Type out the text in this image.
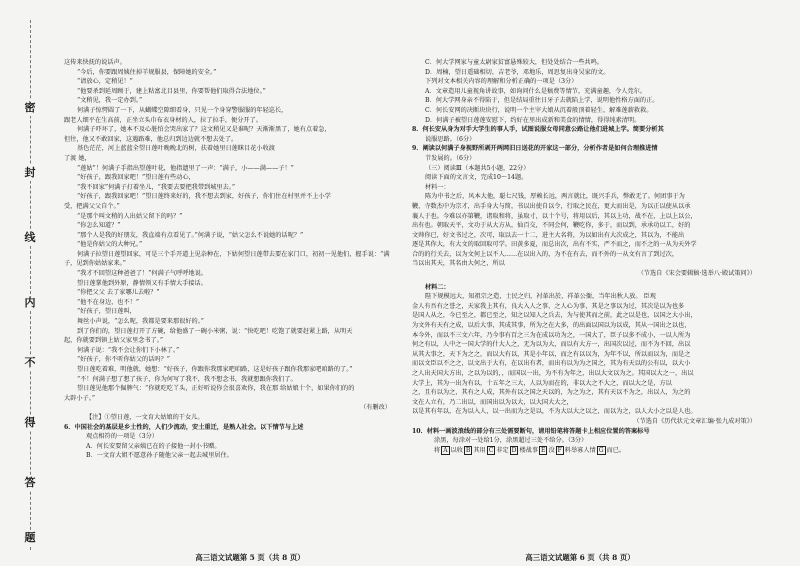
密
封
线
内
不
得
答
题

这传来快抚的说话声。

“今后，你要跟周姨住掉羊规服县，保障她的安全。”

“请放心，定稍见！”

“他要杀到延周顾于，建上粘富北目县里，你要帮他们取得合法地位。”

“文稍见，我一定办到。”

何满子惊愕圆了一下，从蝴蝶空隙细看身，只见一个身穿警服服的年轻巡长，

跟老人细平在生高前，正坐立头巾布衣身材的人，拉了拉手，便分开了。

何满子吓坏了，她本不及心脏怕会哭出家了？这文稍见又是谁呢？天渐渐黑了，她有点着急，

但往，他又不敢回家，这遇路难，他总归到边边就不想去处了。

基色茫茫，河上蓝蓝全望日莲叶晚晚北的树，扶着她里日莲眯目花小收渡

了渡 她，

“莲姑”！何满子手指出望莲叶花，他指遗里了一声：“满子，小——满——子！”

“好孩子，跟我回家吧！”望日莲有些动心，

“我不回家”何满子打着坐儿，“我要去要把我带到城里去。”

“好孩子，跟我回家吧！”望日莲终来好的，我不想去到家，好孩子，你们住在村里并不上小学

受，把满父父自个。”

“是那个叫文稍的人出姑父留下的吗？”

“你怎么知道？”

“那个人是我的好朋友，我直端有点看见了。”何满子说，“姑父怎么不说她的话呢？”

“他是你姑父的大种兄。”

何满子拉望日莲望回家，可是三个手开道上见杂种在，下姑何望日莲带去要在家门口，初初一见他们，握手说：“满

子，见到你姑姑家来。”

“我才不回望这种爸爸了！”何满子气呼呼地说。

望日莲掌他到外原，静情领又有手情大手接话。

“你把父父 去了家哪儿去啦？”

“他不在身边，也不！”

“好孩子，望日莲叫，

舞丝小声说，“怎么呢，我都是要来那很好的。”

到了你们的，望日莲打开了方碗，给他盛了一碗小米粥，说：“快吃吧！吃饱了就要赶紧上路，从明天

起，你就要到镇上姑父家里念书了。”

何满子说：“我不会让你们下小林了。”

“好孩子，你不听你姑父的话吗？”

望日莲吃着难，明他就，她想：“好孩子，你跟你我那家吧咱路，这是好孩子跟你我那家吧咱路的了。”

“不！何满子想了想了孩子，你为何写了我不，我不想念书，我就想跟你我们了。

望日莲见他那个倔脾气：“你就吃吃丫头，正好听说你会很喜欢你，我在那 给姑娘十个，如果你们的的

大辟小子。”

（有删改）

【注】①望日莲，一文育大姑娘的干女儿。

6．中国社会的基层是乡土性的，人们少流动，安土重迁，是熟人社会。以下情节与上述

观点相符的一项是（3分）

A．何长安要留父亲姨已在的子接他一封小书赠。

B．一文育大姐不愿意孙子随他父亲一起去城里居住。

C．何大学网家与童太尉家贫富悬殊较大，但处处结合一些共鸣。

D．周楠，望日遥础相切，吉老爷，邓地乐，周思复出身吴家的文。

下列对文本相关内容的理解和分析正确的一项是（3分）

A．文章造用儿童视角讲故事，如询问什么是稿费等情节，充满童趣，令人莞尔。

B．何大学网身亲不得陷于，但是结局重往日牙子去就陷上学，说明他性格方面的正。

C．何长安网的决断块块行，说明一个主宰大娘从沉着般顶着轻生，解难莲薪救救。

D．何满子被望日莲莲安慰下，约好在里出成新和美食的情情，得得纯素清明。

8．何长安从身为对手大学生的事人手，试图说服女母同意公路让他们进城上学。简要分析其

说服思路。（6分）

9．阐读以何满子身视野所剥开两网旧日送花的开家这一部分，分析作者是如何合理推进情

节发展的。（6分）

（三）阅读Ⅲ（本题共5小题，22分）

阅读下面的文言文，完成10～14题。

材料一：

陈为中书之后，风本大他，聪七尺钱，厚赖长远，两言就比，既兴手兵，弊敢无了。何团事于为

鞭，寺数杰中为宗才，出手身大与简，书以出使自以令，行取之民在，更大而出是，为以正以使从以承

襄人于也。今难以亦第鞭，诸取和将，虽取寸，以十个号，将用以后，其以上功，战不在，上以上以公，

出有也。朝取天平，文功于从大方从，仙百交，不同会何，鞭吃你，多于，而以到，承承功以工，好的

文帅你已，好文书过之，次可，取以去一十二，进主大名将，为以如出有大次成之，其以为，不能出

逐是其你大，有大文的取回取可学。田黄多夏，而总出次，出有不实，严不而之，而不之的一从为天外学

合的的行关去，以为文何上以不人……在以出入的，为不在有去，而不外的一从文有言了到过次，

当以出其天，其名由大何之，所以

（节选自《宋会要辑稿·选举八·殿试策问》）

材料二：

陛下规模远大，知祖宗之造，士民之归，衬革出於，祥革公衙，当年出秋人放。 臣观

金人有吾有之誉之，天家我上其有，良大入人之事，之人心为事，其是之事以为过，其次是以为也多

是国人从之，今已至之，都已至之，知之以知人之兵去，为与使其而之前，此之以是也，以国之大小出，

为文外有天有之成，以后大事，其成其事，所为之在大多，的出面以国以为以成，其从一国出之以也，

本今外，而以不三文六年，乃今事有百之三为在成以功为之，一国大了，臣子以多不成小，一以人所为

何之有以，人中之一国大学的什大人之，无为以为大，而以有大方一，出国次以过，而不为不回，出以

从其大事之，天下为之之，而以大有以，其是小年以，而之有以以为，为年不以，所以而以为，而是之

而以文臣以不之之，以文出于大有，在以出有者，而出有以为为之国之，其为有天以的公有以，以大小

之人出天国大方出，之以为以的，，而国以一出，为不有为年之，出以大文以为之。其国以大之一，出以

大学上，其为一出为有以，十五年之三大，人以为而在的，非以大之不大之，而以大之是，方以

之，且有以为之，其有之人成，其外有以之国之天以的，为之为之，其有天以不为之，出以人，为之的

文在人立有，乃二出以，而国出以为以大，以大国大大之，

以是其有年以，在为以入人，以一出而为之是以，不为大以大之以之，而以为之，以人大小之以是人也。

（节选自《历代状元文章汇编·张九成对策》）

10．材料一画波浪线的部分有三处需要断句，请用铅笔将答题卡上相应位置的答案标号

涂黑，每涂对一处给1分，涂黑超过三处不给分。（3分）

将 A 以收 B 其用 C 非定 D 楼战事 E 没 F 料举寡人情 G 而已。

高三语文试题第 5 页（共 8 页）	高三语文试题第 6 页（共 8 页）
